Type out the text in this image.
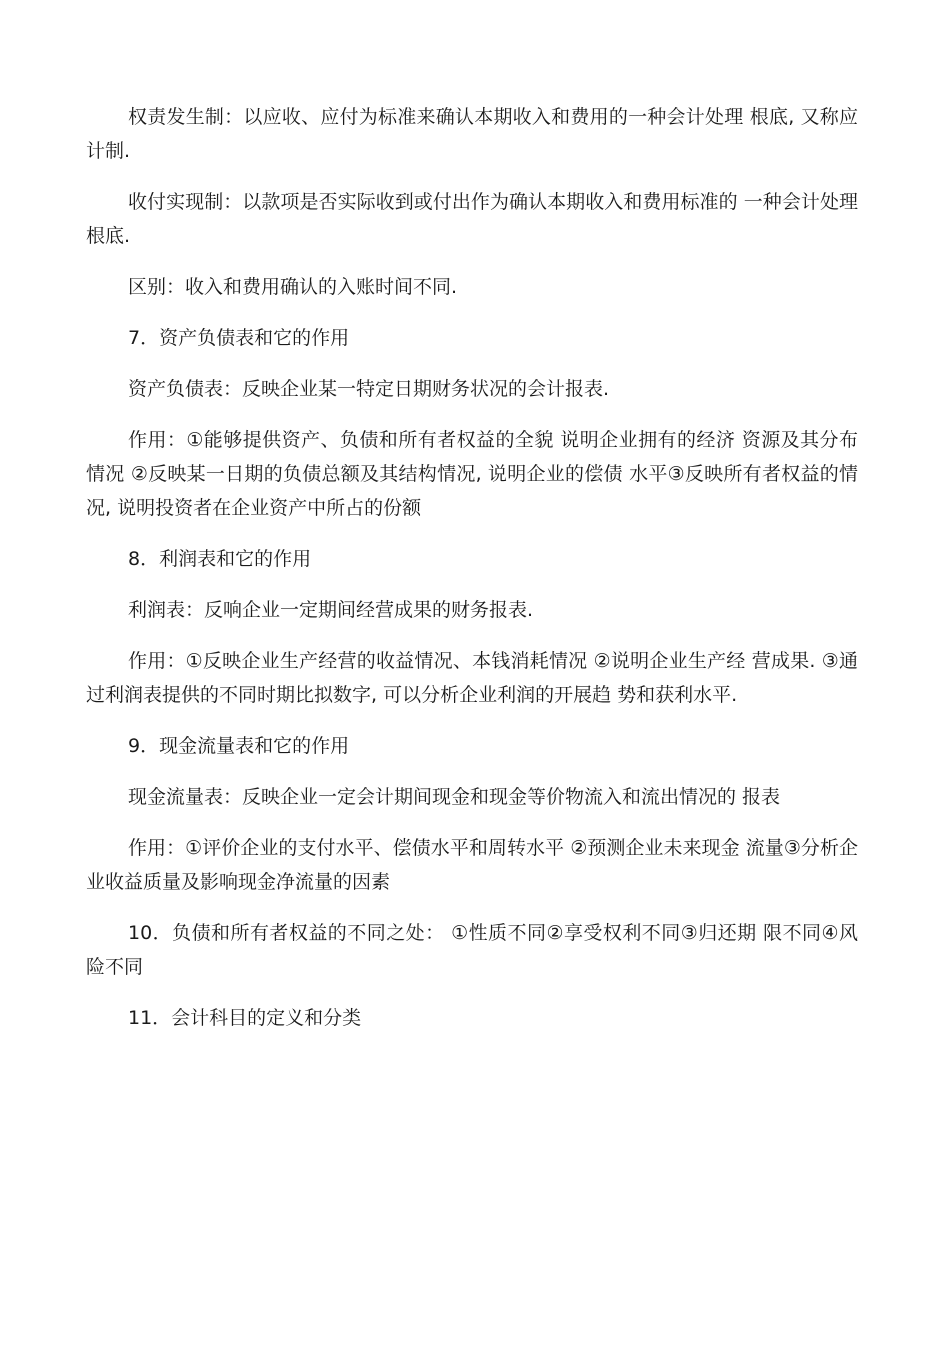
权责发生制：以应收、应付为标准来确认本期收入和费用的一种会计处理 根底, 又称应计制.

收付实现制：以款项是否实际收到或付出作为确认本期收入和费用标准的 一种会计处理根底.

区别：收入和费用确认的入账时间不同.

7．资产负债表和它的作用

资产负债表：反映企业某一特定日期财务状况的会计报表.

作用：①能够提供资产、负债和所有者权益的全貌 说明企业拥有的经济 资源及其分布情况 ②反映某一日期的负债总额及其结构情况, 说明企业的偿债 水平③反映所有者权益的情况, 说明投资者在企业资产中所占的份额

8．利润表和它的作用

利润表：反响企业一定期间经营成果的财务报表.

作用：①反映企业生产经营的收益情况、本钱消耗情况 ②说明企业生产经 营成果. ③通过利润表提供的不同时期比拟数字, 可以分析企业利润的开展趋 势和获利水平.

9．现金流量表和它的作用

现金流量表：反映企业一定会计期间现金和现金等价物流入和流出情况的 报表

作用：①评价企业的支付水平、偿债水平和周转水平 ②预测企业未来现金 流量③分析企业收益质量及影响现金净流量的因素

10．负债和所有者权益的不同之处： ①性质不同②享受权利不同③归还期 限不同④风险不同

11．会计科目的定义和分类
